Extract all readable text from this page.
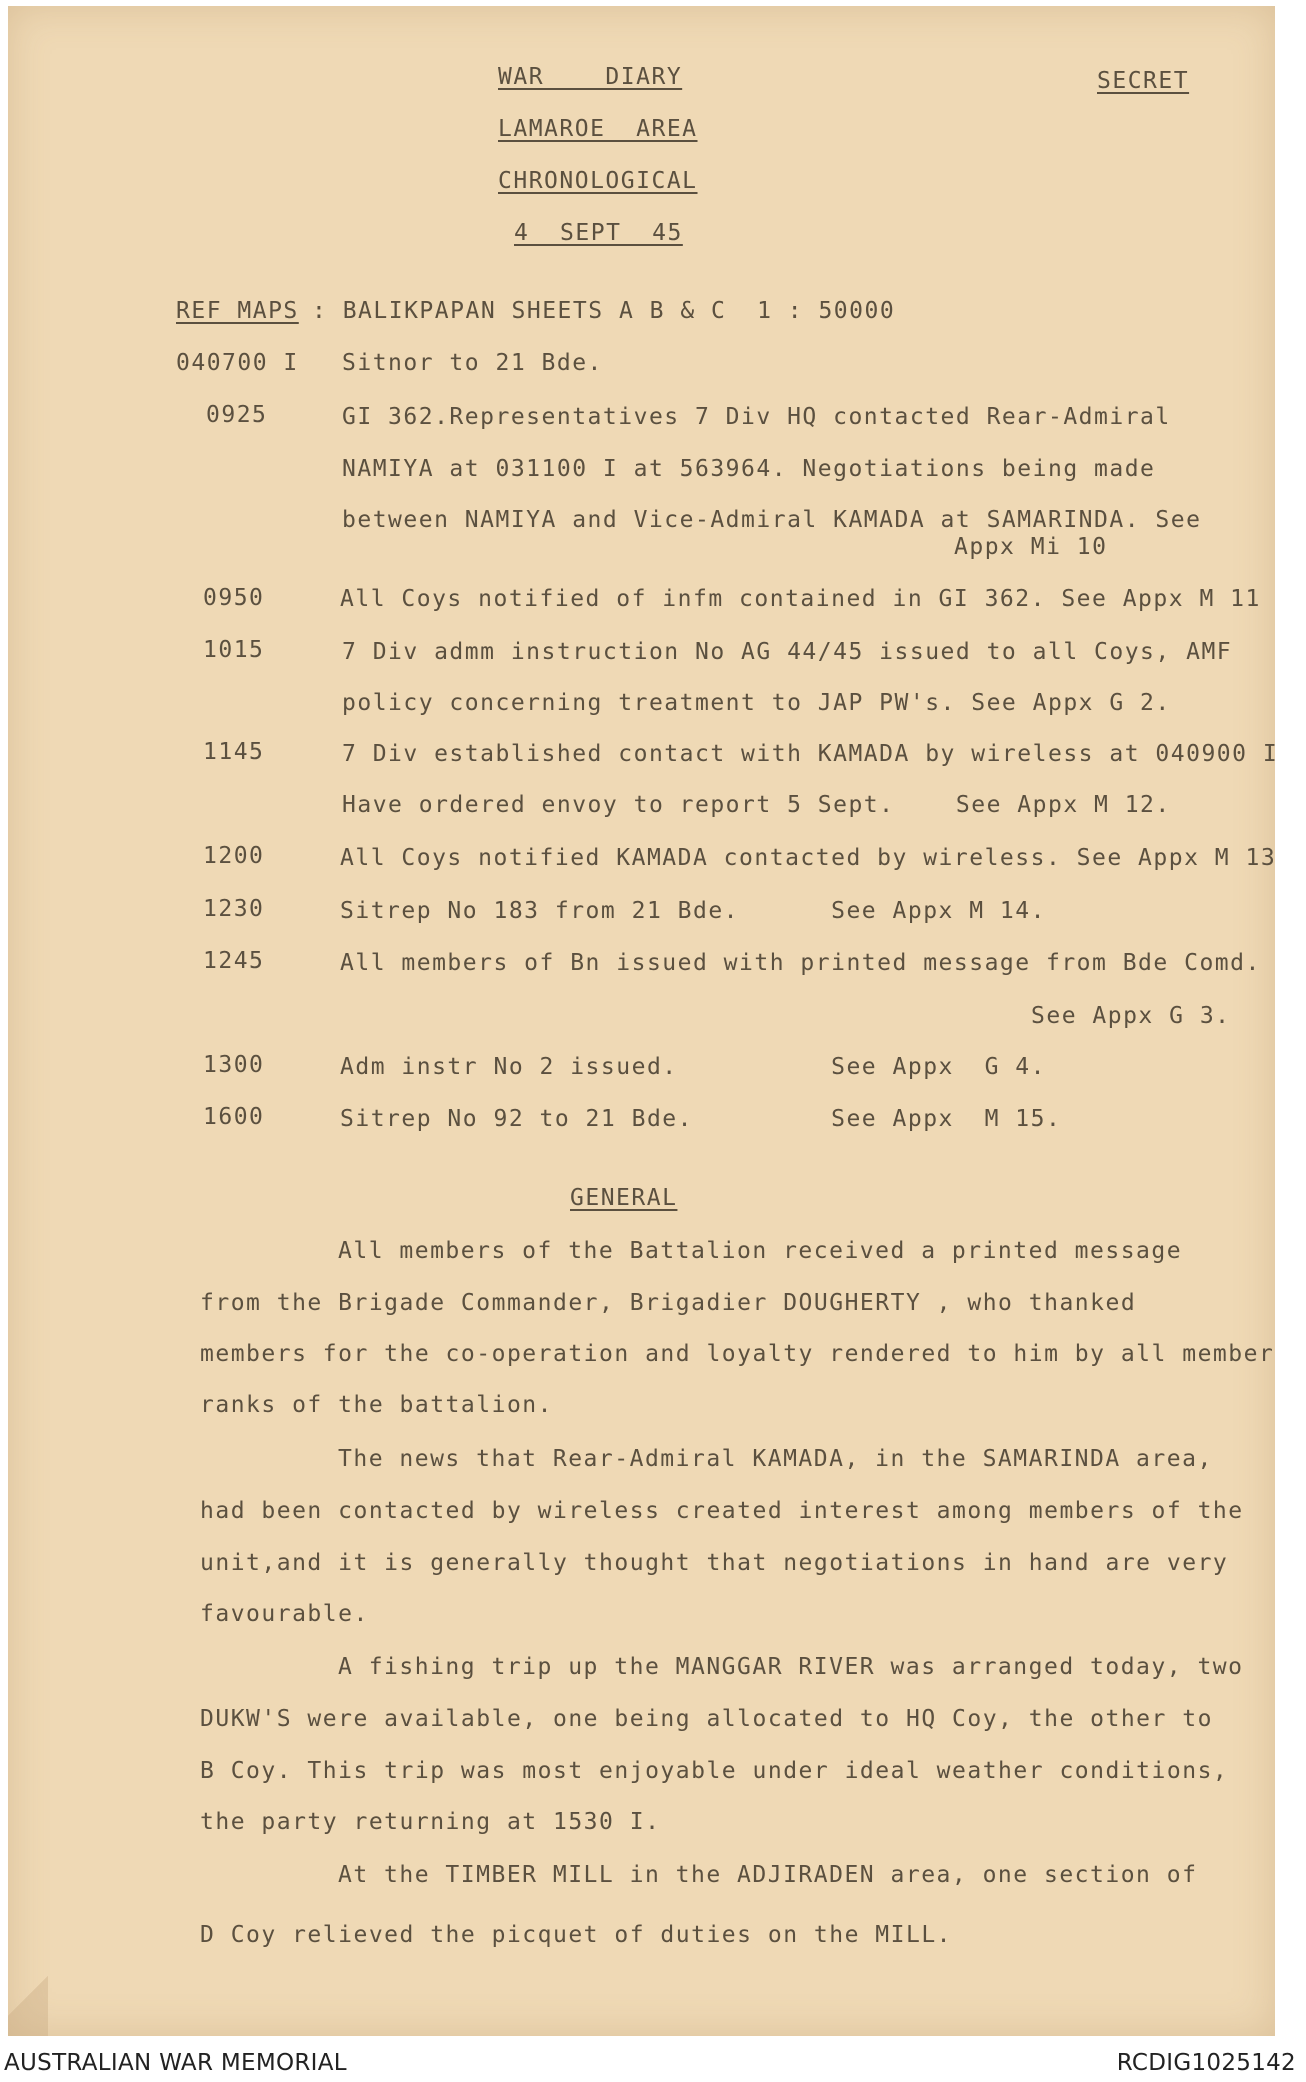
WAR    DIARY
LAMAROE  AREA
CHRONOLOGICAL
4  SEPT  45
SECRET
REF MAPS : BALIKPAPAN SHEETS A B & C  1 : 50000
040700 I Sitnor to 21 Bde.
0925	GI 362.Representatives 7 Div HQ contacted Rear-Admiral
NAMIYA at 031100 I at 563964. Negotiations being made
between NAMIYA and Vice-Admiral KAMADA at SAMARINDA. See
Appx Mi 10
0950	All Coys notified of infm contained in GI 362. See Appx M 11
1015	7 Div admm instruction No AG 44/45 issued to all Coys, AMF
policy concerning treatment to JAP PW's. See Appx G 2.
1145	7 Div established contact with KAMADA by wireless at 040900 I
Have ordered envoy to report 5 Sept.    See Appx M 12.
1200	All Coys notified KAMADA contacted by wireless. See Appx M 13
1230	Sitrep No 183 from 21 Bde.      See Appx M 14.
1245	All members of Bn issued with printed message from Bde Comd.
See Appx G 3.
1300	Adm instr No 2 issued.          See Appx  G 4.
1600	Sitrep No 92 to 21 Bde.         See Appx  M 15.
GENERAL
All members of the Battalion received a printed message
from the Brigade Commander, Brigadier DOUGHERTY , who thanked
members for the co-operation and loyalty rendered to him by all member
ranks of the battalion.
The news that Rear-Admiral KAMADA, in the SAMARINDA area,
had been contacted by wireless created interest among members of the
unit,and it is generally thought that negotiations in hand are very
favourable.
A fishing trip up the MANGGAR RIVER was arranged today, two
DUKW'S were available, one being allocated to HQ Coy, the other to
B Coy. This trip was most enjoyable under ideal weather conditions,
the party returning at 1530 I.
At the TIMBER MILL in the ADJIRADEN area, one section of
D Coy relieved the picquet of duties on the MILL.
AUSTRALIAN WAR MEMORIAL	RCDIG1025142
